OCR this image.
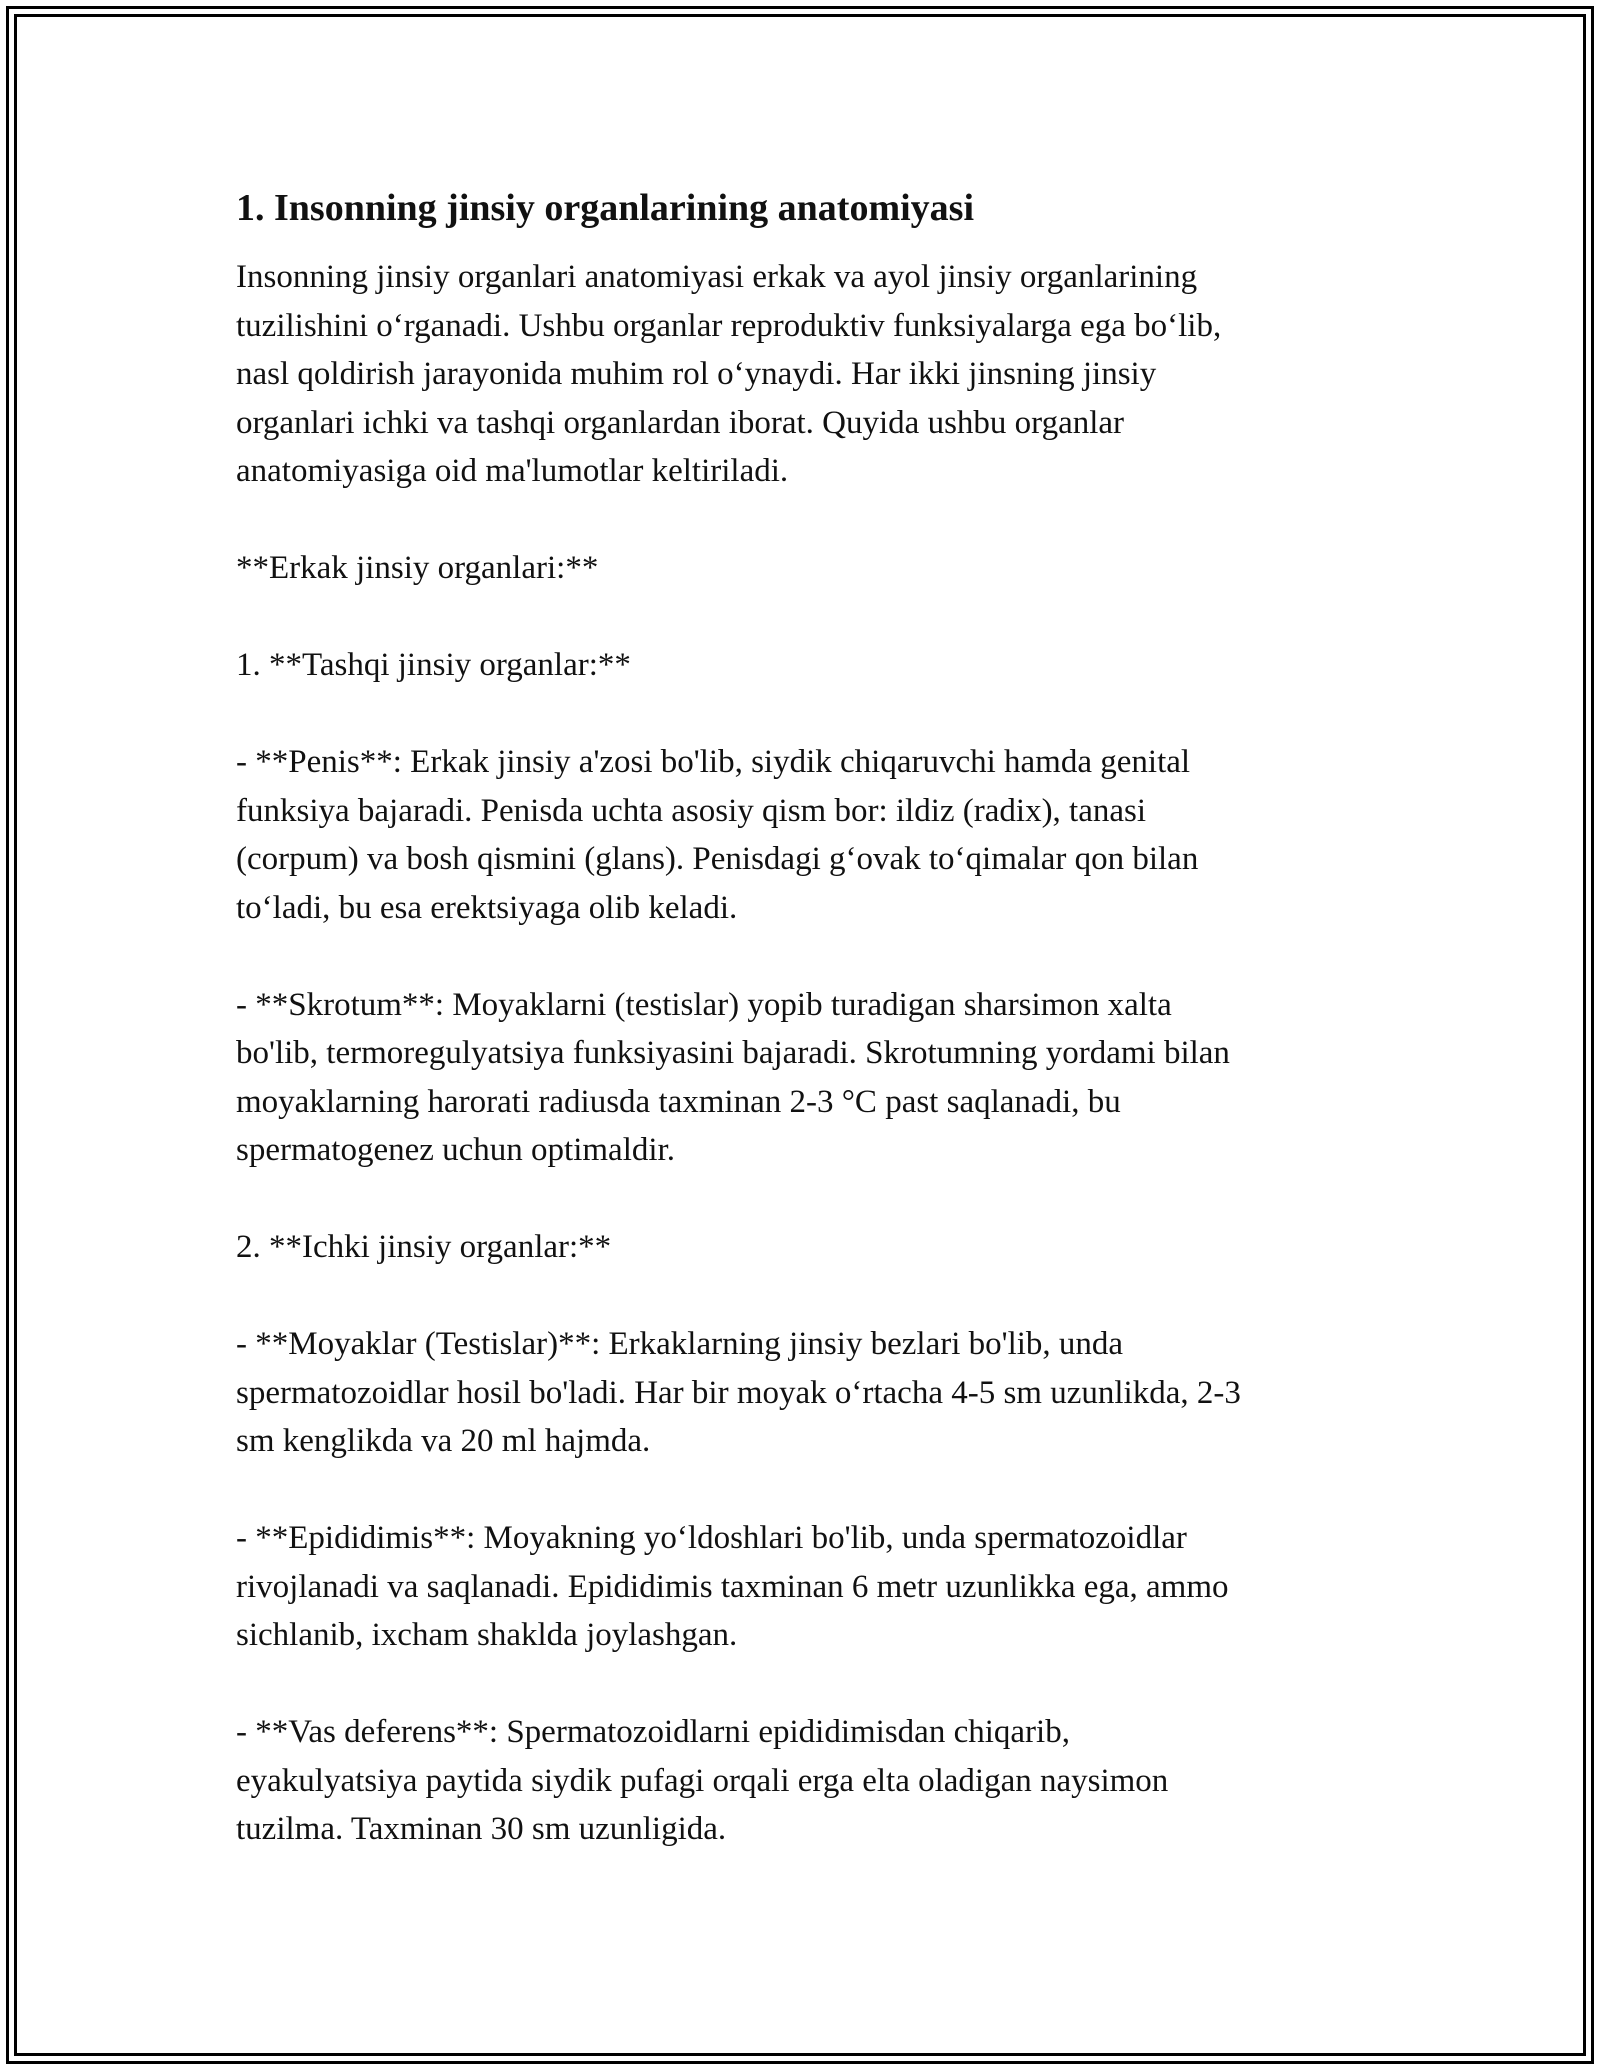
1. Insonning jinsiy organlarining anatomiyasi

Insonning jinsiy organlari anatomiyasi erkak va ayol jinsiy organlarining
tuzilishini o‘rganadi. Ushbu organlar reproduktiv funksiyalarga ega bo‘lib,
nasl qoldirish jarayonida muhim rol o‘ynaydi. Har ikki jinsning jinsiy
organlari ichki va tashqi organlardan iborat. Quyida ushbu organlar
anatomiyasiga oid ma'lumotlar keltiriladi.

**Erkak jinsiy organlari:**

1. **Tashqi jinsiy organlar:**

- **Penis**: Erkak jinsiy a'zosi bo'lib, siydik chiqaruvchi hamda genital
funksiya bajaradi. Penisda uchta asosiy qism bor: ildiz (radix), tanasi
(corpum) va bosh qismini (glans). Penisdagi g‘ovak to‘qimalar qon bilan
to‘ladi, bu esa erektsiyaga olib keladi.

- **Skrotum**: Moyaklarni (testislar) yopib turadigan sharsimon xalta
bo'lib, termoregulyatsiya funksiyasini bajaradi. Skrotumning yordami bilan
moyaklarning harorati radiusda taxminan 2-3 °C past saqlanadi, bu
spermatogenez uchun optimaldir.

2. **Ichki jinsiy organlar:**

- **Moyaklar (Testislar)**: Erkaklarning jinsiy bezlari bo'lib, unda
spermatozoidlar hosil bo'ladi. Har bir moyak o‘rtacha 4-5 sm uzunlikda, 2-3
sm kenglikda va 20 ml hajmda.

- **Epididimis**: Moyakning yo‘ldoshlari bo'lib, unda spermatozoidlar
rivojlanadi va saqlanadi. Epididimis taxminan 6 metr uzunlikka ega, ammo
sichlanib, ixcham shaklda joylashgan.

- **Vas deferens**: Spermatozoidlarni epididimisdan chiqarib,
eyakulyatsiya paytida siydik pufagi orqali erga elta oladigan naysimon
tuzilma. Taxminan 30 sm uzunligida.
